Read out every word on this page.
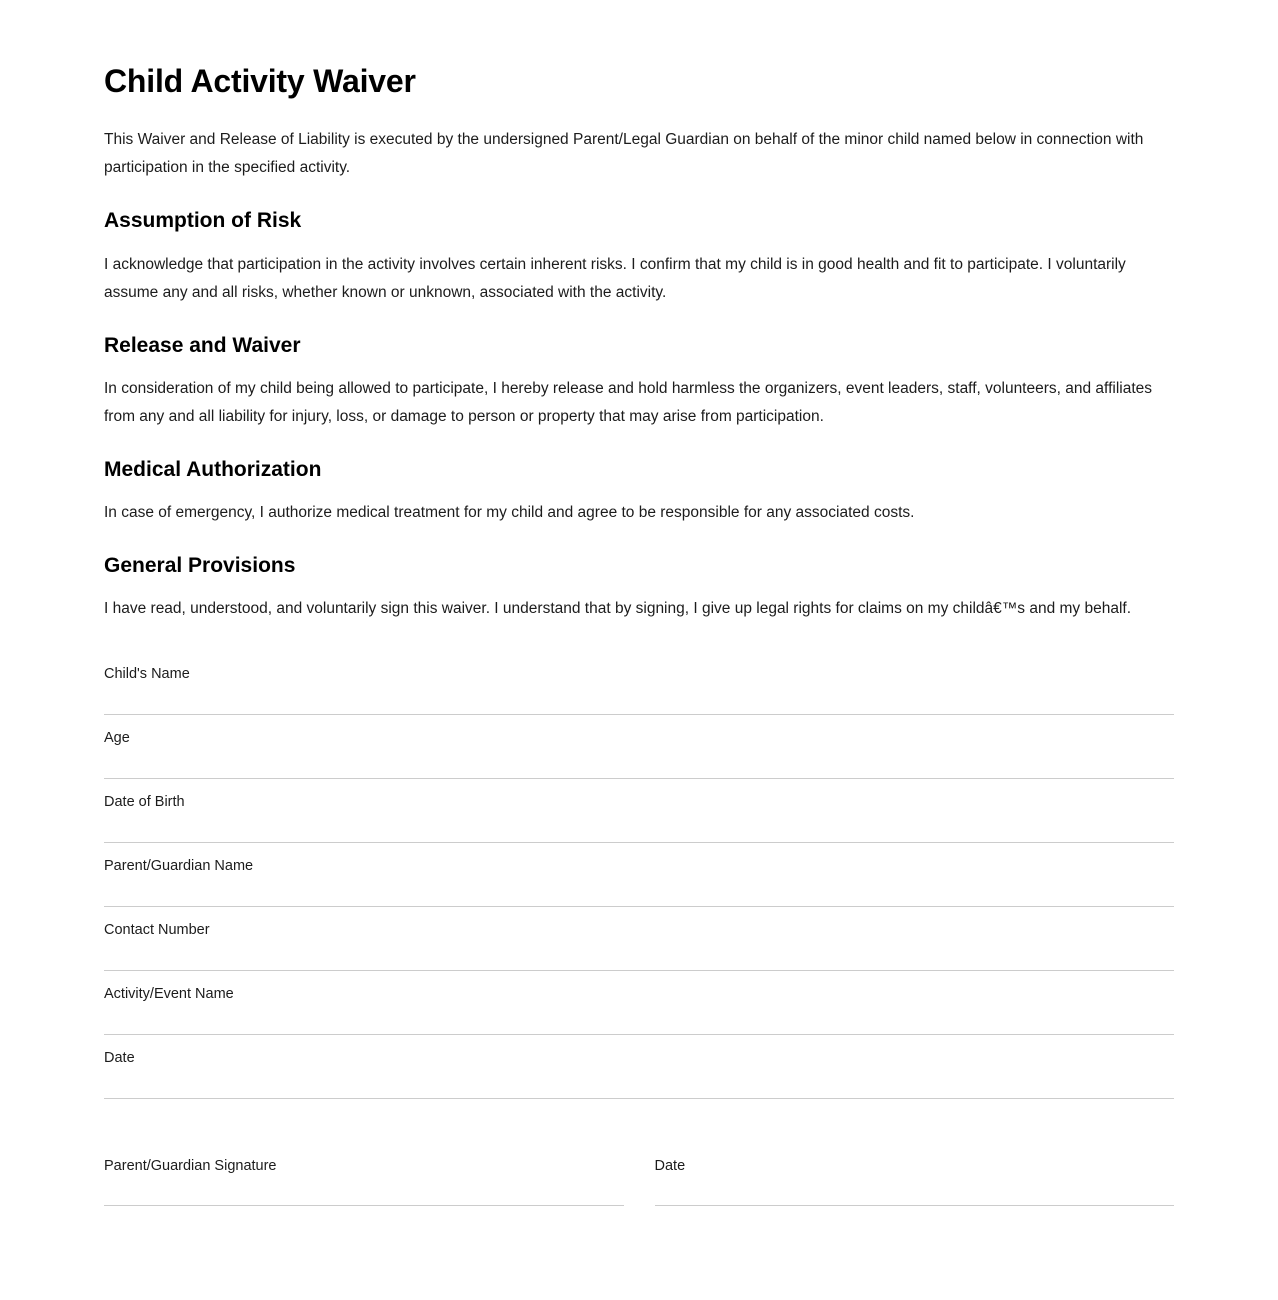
Child Activity Waiver

This Waiver and Release of Liability is executed by the undersigned Parent/Legal Guardian on behalf of the minor child named below in connection with participation in the specified activity.

Assumption of Risk

I acknowledge that participation in the activity involves certain inherent risks. I confirm that my child is in good health and fit to participate. I voluntarily assume any and all risks, whether known or unknown, associated with the activity.

Release and Waiver

In consideration of my child being allowed to participate, I hereby release and hold harmless the organizers, event leaders, staff, volunteers, and affiliates from any and all liability for injury, loss, or damage to person or property that may arise from participation.

Medical Authorization

In case of emergency, I authorize medical treatment for my child and agree to be responsible for any associated costs.

General Provisions

I have read, understood, and voluntarily sign this waiver. I understand that by signing, I give up legal rights for claims on my childâ€™s and my behalf.

Child's Name
Age
Date of Birth
Parent/Guardian Name
Contact Number
Activity/Event Name
Date
Parent/Guardian Signature	Date
